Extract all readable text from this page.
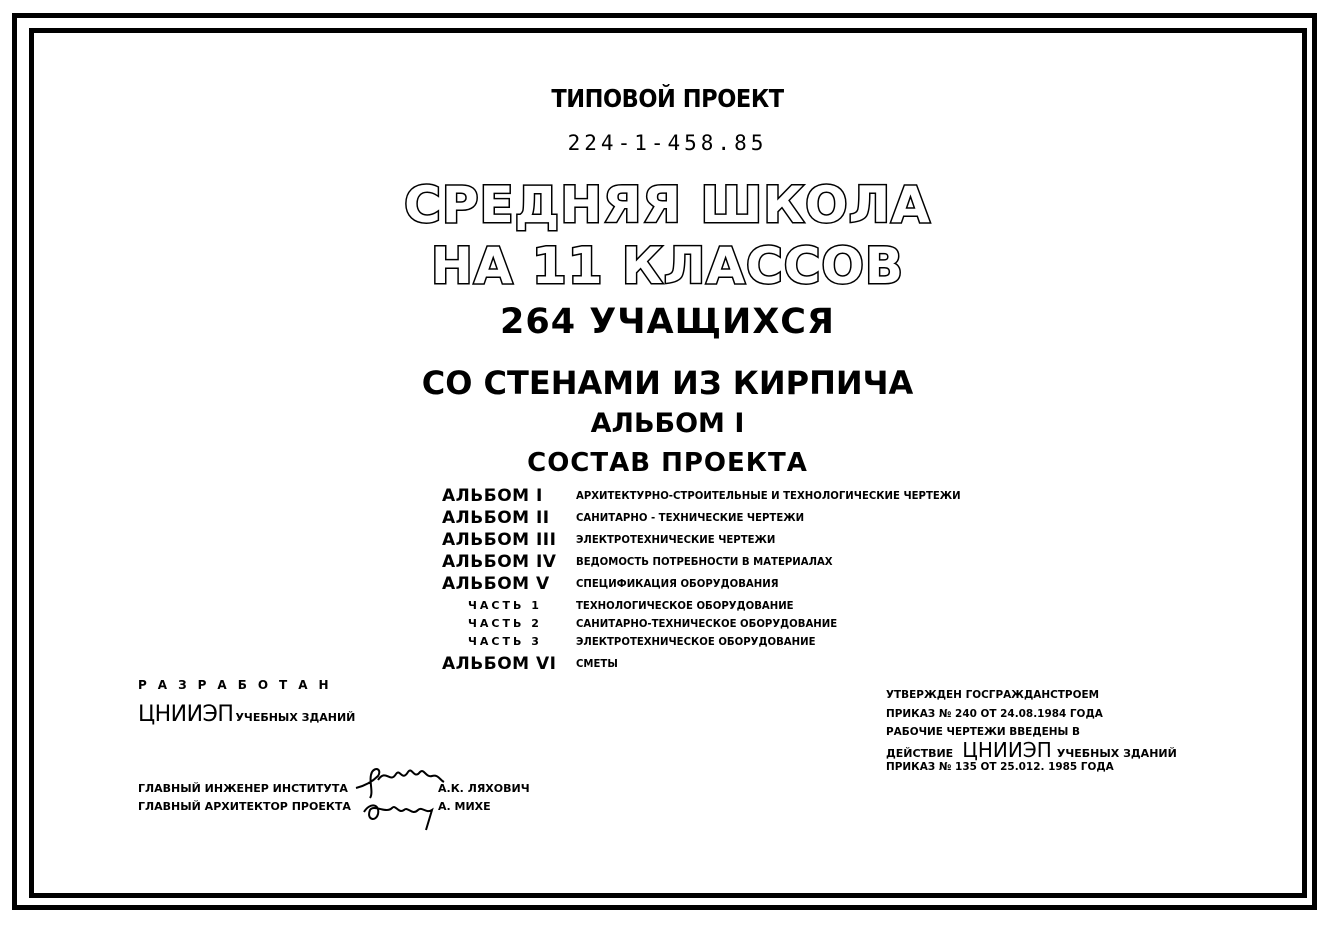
ТИПОВОЙ ПРОЕКТ
224-1-458.85
СРЕДНЯЯ ШКОЛА
НА 11 КЛАССОВ
264 УЧАЩИХСЯ
СО СТЕНАМИ ИЗ КИРПИЧА
АЛЬБОМ I
СОСТАВ ПРОЕКТА
АЛЬБОМ I	АРХИТЕКТУРНО-СТРОИТЕЛЬНЫЕ И ТЕХНОЛОГИЧЕСКИЕ ЧЕРТЕЖИ
АЛЬБОМ II САНИТАРНО - ТЕХНИЧЕСКИЕ ЧЕРТЕЖИ
АЛЬБОМ III ЭЛЕКТРОТЕХНИЧЕСКИЕ ЧЕРТЕЖИ
АЛЬБОМ IV ВЕДОМОСТЬ ПОТРЕБНОСТИ В МАТЕРИАЛАХ
АЛЬБОМ V СПЕЦИФИКАЦИЯ ОБОРУДОВАНИЯ
ЧАСТЬ 1	ТЕХНОЛОГИЧЕСКОЕ ОБОРУДОВАНИЕ
ЧАСТЬ 2	САНИТАРНО-ТЕХНИЧЕСКОЕ ОБОРУДОВАНИЕ
ЧАСТЬ 3	ЭЛЕКТРОТЕХНИЧЕСКОЕ ОБОРУДОВАНИЕ
АЛЬБОМ VI СМЕТЫ
РАЗРАБОТАН
ЦНИИЭП УЧЕБНЫХ ЗДАНИЙ
ГЛАВНЫЙ ИНЖЕНЕР ИНСТИТУТА	А.К. ЛЯХОВИЧ
ГЛАВНЫЙ АРХИТЕКТОР ПРОЕКТА	А. МИХЕ
УТВЕРЖДЕН ГОСГРАЖДАНСТРОЕМ
ПРИКАЗ № 240 ОТ 24.08.1984 ГОДА
РАБОЧИЕ ЧЕРТЕЖИ ВВЕДЕНЫ В
ДЕЙСТВИЕ ЦНИИЭП УЧЕБНЫХ ЗДАНИЙ
ПРИКАЗ № 135 ОТ 25.012. 1985 ГОДА
